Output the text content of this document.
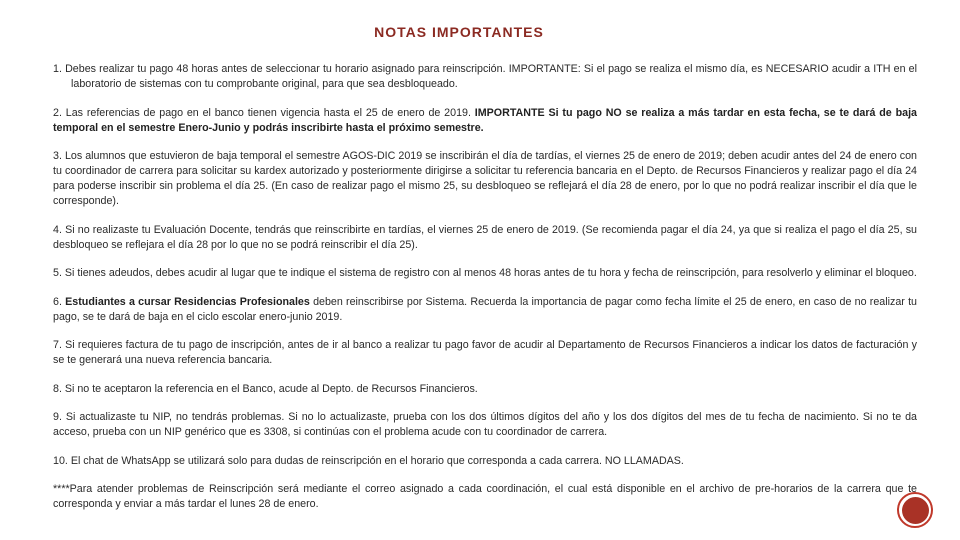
NOTAS IMPORTANTES

1. Debes realizar tu pago 48 horas antes de seleccionar tu horario asignado para reinscripción. IMPORTANTE: Si el pago se realiza el mismo día, es NECESARIO acudir a ITH en el laboratorio de sistemas con tu comprobante original, para que sea desbloqueado.

2. Las referencias de pago en el banco tienen vigencia hasta el 25 de enero de 2019. IMPORTANTE Si tu pago NO se realiza a más tardar en esta fecha, se te dará de baja temporal en el semestre Enero-Junio y podrás inscribirte hasta el próximo semestre.

3. Los alumnos que estuvieron de baja temporal el semestre AGOS-DIC 2019 se inscribirán el día de tardías, el viernes 25 de enero de 2019; deben acudir antes del 24 de enero con tu coordinador de carrera para solicitar su kardex autorizado y posteriormente dirigirse a solicitar tu referencia bancaria en el Depto. de Recursos Financieros y realizar pago el día 24 para poderse inscribir sin problema el día 25. (En caso de realizar pago el mismo 25, su desbloqueo se reflejará el día 28 de enero, por lo que no podrá realizar inscribir el día que le corresponde).

4. Si no realizaste tu Evaluación Docente, tendrás que reinscribirte en tardías, el viernes 25 de enero de 2019. (Se recomienda pagar el día 24, ya que si realiza el pago el día 25, su desbloqueo se reflejara el día 28 por lo que no se podrá reinscribir el día 25).

5. Si tienes adeudos, debes acudir al lugar que te indique el sistema de registro con al menos 48 horas antes de tu hora y fecha de reinscripción, para resolverlo y eliminar el bloqueo.

6. Estudiantes a cursar Residencias Profesionales deben reinscribirse por Sistema. Recuerda la importancia de pagar como fecha límite el 25 de enero, en caso de no realizar tu pago, se te dará de baja en el ciclo escolar enero-junio 2019.

7. Si requieres factura de tu pago de inscripción, antes de ir al banco a realizar tu pago favor de acudir al Departamento de Recursos Financieros a indicar los datos de facturación y se te generará una nueva referencia bancaria.

8. Si no te aceptaron la referencia en el Banco, acude al Depto. de Recursos Financieros.

9. Si actualizaste tu NIP, no tendrás problemas. Si no lo actualizaste, prueba con los dos últimos dígitos del año y los dos dígitos del mes de tu fecha de nacimiento. Si no te da acceso, prueba con un NIP genérico que es 3308, si continúas con el problema acude con tu coordinador de carrera.

10. El chat de WhatsApp se utilizará solo para dudas de reinscripción en el horario que corresponda a cada carrera. NO LLAMADAS.

****Para atender problemas de Reinscripción será mediante el correo asignado a cada coordinación, el cual está disponible en el archivo de pre-horarios de la carrera que te corresponda y enviar a más tardar el lunes 28 de enero.
